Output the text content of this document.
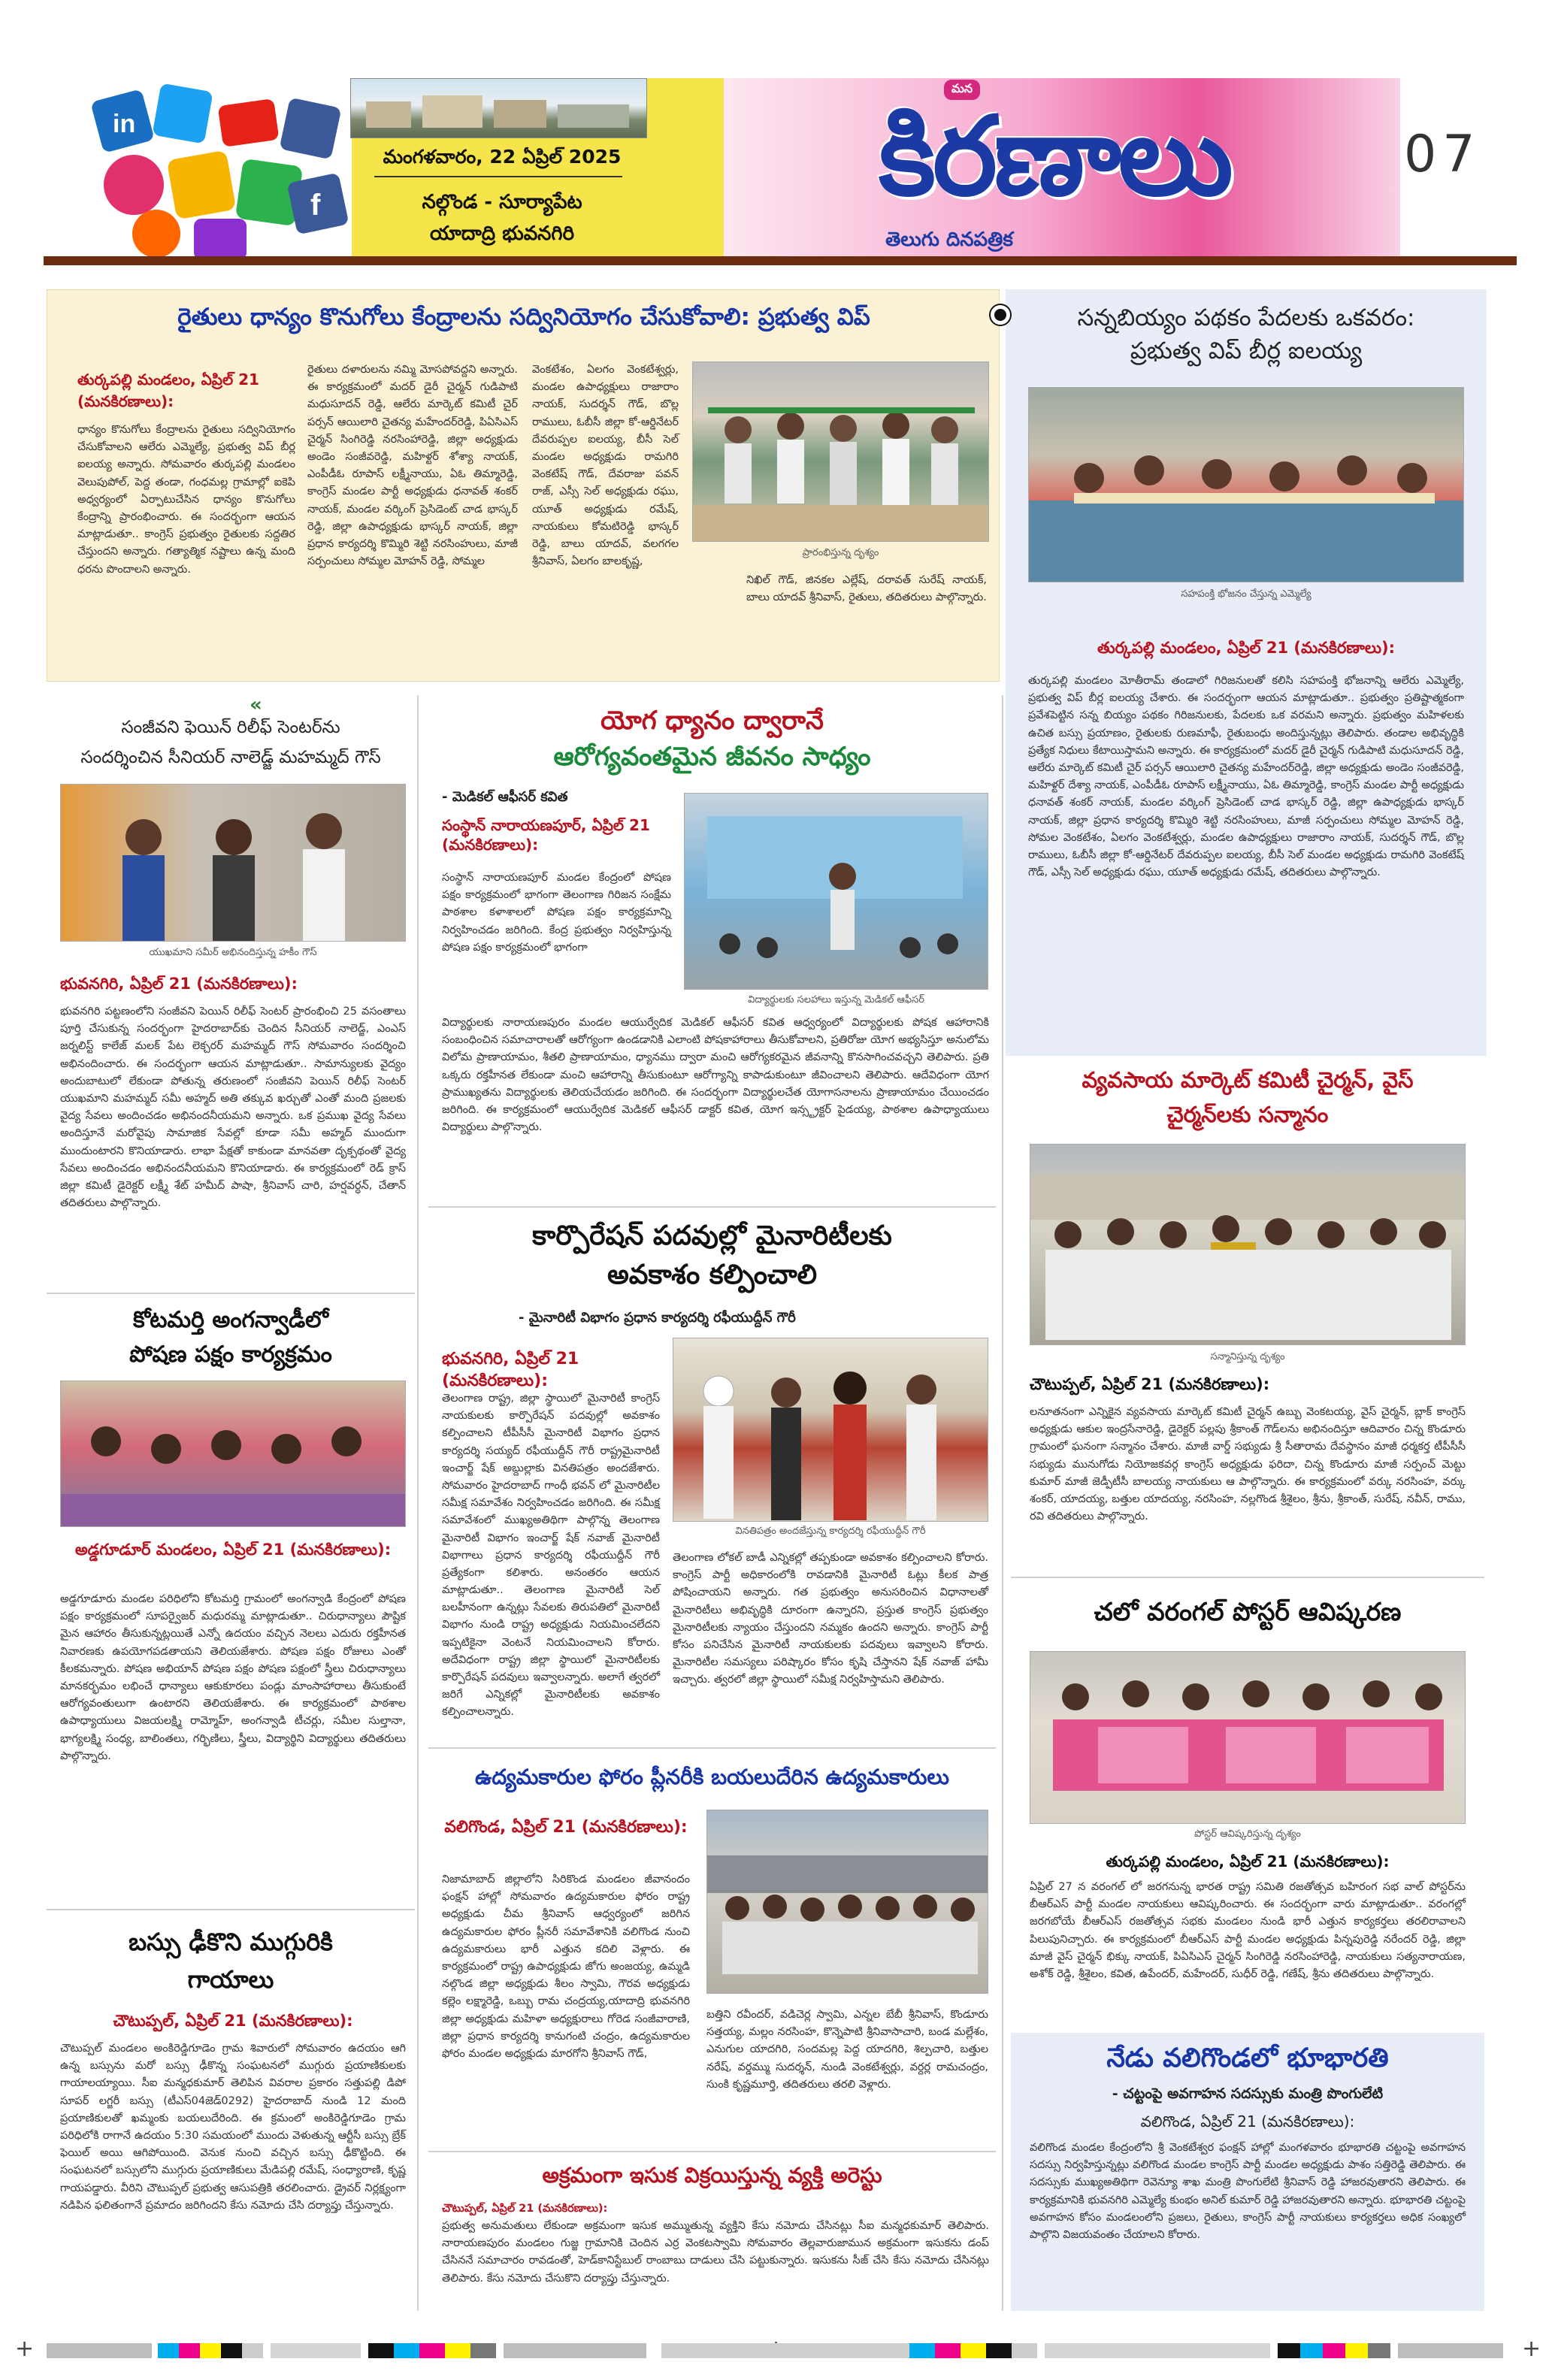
in
f
మంగళవారం, 22 ఏప్రిల్ 2025
నల్గొండ - సూర్యాపేట
యాదాద్రి భువనగిరి
మన
కిరణాలు
తెలుగు దినపత్రిక
07
రైతులు ధాన్యం కొనుగోలు కేంద్రాలను సద్వినియోగం చేసుకోవాలి: ప్రభుత్వ విప్
తుర్కపల్లి మండలం, ఏప్రిల్ 21 (మనకిరణాలు):
ధాన్యం కొనుగోలు కేంద్రాలను రైతులు సద్వినియోగం చేసుకోవాలని ఆలేరు ఎమ్మెల్యే, ప్రభుత్వ విప్ బీర్ల ఐలయ్య అన్నారు. సోమవారం తుర్కపల్లి మండలం వెలుపుపోల్, పెద్ద తండా, గంధమల్ల గ్రామాల్లో ఐకెపి అధ్వర్యంలో ఏర్పాటుచేసిన ధాన్యం కొనుగోలు కేంద్రాన్ని ప్రారంభించారు. ఈ సందర్భంగా ఆయన మాట్లాడుతూ.. కాంగ్రెస్ ప్రభుత్వం రైతులకు సద్దతిర చేస్తుందని అన్నారు. గత్యాత్మిక నష్టాలు ఉన్న మంది ధరను పొందాలని అన్నారు.
రైతులు దళారులను నమ్మి మోసపోవద్దని అన్నారు. ఈ కార్యక్రమంలో మదర్ డైరీ చైర్మన్ గుడిపాటి మధుసూదన్ రెడ్డి, ఆలేరు మార్కెట్ కమిటీ చైర్ పర్సన్ ఆయిలారి చైతన్య మహేందర్‌రెడ్డి, పిఏసిఎస్ చైర్మన్ సింగిరెడ్డి నరసింహారెడ్డి, జిల్లా అధ్యక్షుడు అండెం సంజీవరెడ్డి, మహిళ్టర్ శోశ్యా నాయక్, ఎంపీడీఓ రూపాస్ లక్ష్మీనాయు, ఏఓ తిమ్మారెడ్డి, కాంగ్రెస్ మండల పార్టీ అధ్యక్షుడు ధనావత్ శంకర్ నాయక్, మండల వర్కింగ్ ప్రెసిడెంట్ చాడ భాస్కర్ రెడ్డి, జిల్లా ఉపాధ్యక్షుడు భాస్కర్ నాయక్, జిల్లా ప్రధాన కార్యదర్శి కొమ్మిరి శెట్టి నరసింహులు, మాజీ సర్పంచులు సోమ్మల మోహన్ రెడ్డి, సోమ్మల
వెంకటేశం, ఏలగం వెంకటేశ్వర్లు, మండల ఉపాధ్యక్షులు రాజారాం నాయక్, సుదర్శన్ గౌడ్, బొల్ల రాములు, ఓబీసీ జిల్లా కో-ఆర్డినేటర్ దేవరుప్పల ఐలయ్య, బీసీ సెల్ మండల అధ్యక్షుడు రామగిరి వెంకటేష్ గౌడ్, దేవరాజు పవన్ రాజ్, ఎస్సీ సెల్ అధ్యక్షుడు రఘు, యూత్ అధ్యక్షుడు రమేష్, నాయకులు కోమటిరెడ్డి భాస్కర్ రెడ్డి, బాలు యాదవ్, వలగగల శ్రీనివాస్, ఏలగం బాలకృష్ణ,
ప్రారంభిస్తున్న దృశ్యం
నిఖిల్ గౌడ్, జినకల ఎల్లేష్, దరావత్ సురేష్ నాయక్, బాలు యాదవ్ శ్రీనివాస్, రైతులు, తదితరులు పాల్గొన్నారు.
సన్నబియ్యం పథకం పేదలకు ఒకవరం:
ప్రభుత్వ విప్ బీర్ల ఐలయ్య
సహపంక్తి భోజనం చేస్తున్న ఎమ్మెల్యే
తుర్కపల్లి మండలం, ఏప్రిల్ 21 (మనకిరణాలు):
తుర్కపల్లి మండలం మోతీరామ్ తండాలో గిరిజనులతో కలిసి సహపంక్తి భోజనాన్ని ఆలేరు ఎమ్మెల్యే, ప్రభుత్వ విప్ బీర్ల ఐలయ్య చేశారు. ఈ సందర్భంగా ఆయన మాట్లాడుతూ.. ప్రభుత్వం ప్రతిష్టాత్మకంగా ప్రవేశపెట్టిన సన్న బియ్యం పథకం గిరిజనులకు, పేదలకు ఒక వరమని అన్నారు. ప్రభుత్వం మహిళలకు ఉచిత బస్సు ప్రయాణం, రైతులకు రుణమాఫీ, రైతుబంధు అందిస్తున్నట్లు తెలిపారు. తండాల అభివృద్ధికి ప్రత్యేక నిధులు కేటాయిస్తామని అన్నారు. ఈ కార్యక్రమంలో మదర్ డైరీ చైర్మన్ గుడిపాటి మధుసూదన్ రెడ్డి, ఆలేరు మార్కెట్ కమిటీ చైర్ పర్సన్ ఆయిలారి చైతన్య మహేందర్‌రెడ్డి, జిల్లా అధ్యక్షుడు అండెం సంజీవరెడ్డి, మహిళ్టర్ దేశ్యా నాయక్, ఎంపీడీఓ రూపాస్ లక్ష్మీనాయు, ఏఓ తిమ్మారెడ్డి, కాంగ్రెస్ మండల పార్టీ అధ్యక్షుడు ధనావత్ శంకర్ నాయక్, మండల వర్కింగ్ ప్రెసిడెంట్ చాడ భాస్కర్ రెడ్డి, జిల్లా ఉపాధ్యక్షుడు భాస్కర్ నాయక్, జిల్లా ప్రధాన కార్యదర్శి కొమ్మిరి శెట్టి నరసింహులు, మాజీ సర్పంచులు సోమ్మల మోహన్ రెడ్డి, సోమల వెంకటేశం, ఏలగం వెంకటేశ్వర్లు, మండల ఉపాధ్యక్షులు రాజారాం నాయక్, సుదర్శన్ గౌడ్, బొల్ల రాములు, ఓబీసీ జిల్లా కో-ఆర్డినేటర్ దేవరుప్పల ఐలయ్య, బీసీ సెల్ మండల అధ్యక్షుడు రామగిరి వెంకటేష్ గౌడ్, ఎస్సీ సెల్ అధ్యక్షుడు రఘు, యూత్ అధ్యక్షుడు రమేష్, తదితరులు పాల్గొన్నారు.
«
సంజీవని ఫెయిన్ రిలీఫ్ సెంటర్‌ను
సందర్శించిన సీనియర్ నాలెడ్జ్ మహమ్మద్ గౌస్
యుఖమాని సమీర్ అభినందిస్తున్న హకీం గౌస్
భువనగిరి, ఏప్రిల్ 21 (మనకిరణాలు):
భువనగిరి పట్టణంలోని సంజీవని పెయిన్ రిలీఫ్ సెంటర్ ప్రారంభించి 25 వసంతాలు పూర్తి చేసుకున్న సందర్భంగా హైదరాబాద్‌కు చెందిన సీనియర్ నాలెడ్జ్, ఎంఎస్ జర్నలిస్ట్ కాలేజ్ మలక్ పేట లెక్చరర్ మహమ్మద్ గౌస్ సోమవారం సందర్శించి అభినందించారు. ఈ సందర్భంగా ఆయన మాట్లాడుతూ.. సామాన్యులకు వైద్యం అందుబాటులో లేకుండా పోతున్న తరుణంలో సంజీవని పెయిన్ రిలీఫ్ సెంటర్ యుఖమాని మహమ్మద్ సమీ అహ్మద్ అతి తక్కువ ఖర్చుతో ఎంతో మంది ప్రజలకు వైద్య సేవలు అందించడం అభినందనీయమని అన్నారు. ఒక ప్రముఖ వైద్య సేవలు అందిస్తూనే మరోవైపు సామాజిక సేవల్లో కూడా సమీ అహ్మద్ ముందుగా ముందుంటారని కొనియాడారు. లాభా పేక్షతో కాకుండా మానవతా దృక్పథంతో వైద్య సేవలు అందించడం అభినందనీయమని కొనియాడారు. ఈ కార్యక్రమంలో రెడ్ క్రాస్ జిల్లా కమిటీ డైరెక్టర్ లక్ష్మీ శేట్ హమీద్ పాషా, శ్రీనివాస్ చారి, హర్షవర్ధన్, చేతాన్ తదితరులు పాల్గొన్నారు.
కోటమర్తి అంగన్వాడీలో
పోషణ పక్షం కార్యక్రమం
అడ్డగూడూర్ మండలం, ఏప్రిల్ 21 (మనకిరణాలు):
అడ్డగూడూరు మండల పరిధిలోని కోటమర్తి గ్రామంలో అంగన్వాడి కేంద్రంలో పోషణ పక్షం కార్యక్రమంలో సూపర్వైజర్ మధురమ్మ మాట్లాడుతూ.. చిరుధాన్యాలు పౌష్టిక మైన ఆహారం తీసుకున్నట్లయితే ఎన్నో ఉదయం వచ్చిన నెలలు ఎదురు రక్తహీనత నివారణకు ఉపయోగపడతాయని తెలియజేశారు. పోషణ పక్షం రోజులు ఎంతో కీలకమన్నారు. పోషణ అభియాన్ పోషణ పక్షం పోషణ పక్షంలో స్త్రీలు చిరుధాన్యాలు మానకర్భమం లభించే ధాన్యాలు ఆకుకూరలు పండ్లు మాంసాహారాలు తీసుకుంటే ఆరోగ్యవంతులుగా ఉంటారని తెలియజేశారు. ఈ కార్యక్రమంలో పాఠశాల ఉపాధ్యాయులు విజయలక్ష్మి రామ్మోహ్, అంగన్వాడి టీచర్లు, సమీల సుల్తానా, భాగ్యలక్ష్మి సంధ్య, బాలింతలు, గర్భిణిలు, స్త్రీలు, విద్యార్థిని విద్యార్థులు తదితరులు పాల్గొన్నారు.
బస్సు ఢీకొని ముగ్గురికి
గాయాలు
చౌటుప్పల్, ఏప్రిల్ 21 (మనకిరణాలు):
చౌటుప్పల్ మండలం అంకిరెడ్డిగూడెం గ్రామ శివారులో సోమవారం ఉదయం ఆగి ఉన్న బస్సును మరో బస్సు ఢీకొన్న సంఘటనలో ముగ్గురు ప్రయాణికులకు గాయాలయ్యాయి. సీఐ మన్మధకుమార్ తెలిపిన వివరాల ప్రకారం సత్తుపల్లి డిపో సూపర్ లగ్జరీ బస్సు (టీఎస్04జెడ్0292) హైదరాబాద్ నుండి 12 మంది ప్రయాణికులతో ఖమ్మంకు బయలుదేరింది. ఈ క్రమంలో అంకిరెడ్డిగూడెం గ్రామ పరిధిలోకి రాగానే ఉదయం 5:30 సమయంలో ముందు వెళుతున్న ఆర్టీసీ బస్సు బ్రేక్ ఫెయిల్ అయి ఆగిపోయింది. వెనుక నుంచి వచ్చిన బస్సు ఢీకొట్టింది. ఈ సంఘటనలో బస్సులోని ముగ్గురు ప్రయాణికులు మేడిపల్లి రమేష్, సంధ్యారాణి, కృష్ణ గాయపడ్డారు. వీరిని చౌటుప్పల్ ప్రభుత్వ ఆసుపత్రికి తరలించారు. డ్రైవర్ నిర్లక్ష్యంగా నడిపిన ఫలితంగానే ప్రమాదం జరిగిందని కేసు నమోదు చేసి దర్యాప్తు చేస్తున్నారు.
యోగ ధ్యానం ద్వారానే
ఆరోగ్యవంతమైన జీవనం సాధ్యం
- మెడికల్ ఆఫీసర్ కవిత
సంస్థాన్ నారాయణపూర్, ఏప్రిల్ 21 (మనకిరణాలు):
సంస్థాన్ నారాయణపూర్ మండల కేంద్రంలో పోషణ పక్షం కార్యక్రమంలో భాగంగా తెలంగాణ గిరిజన సంక్షేమ పాఠశాల కళాశాలలో పోషణ పక్షం కార్యక్రమాన్ని నిర్వహించడం జరిగింది. కేంద్ర ప్రభుత్వం నిర్వహిస్తున్న పోషణ పక్షం కార్యక్రమంలో భాగంగా
విద్యార్థులకు సలహాలు ఇస్తున్న మెడికల్ ఆఫీసర్
విద్యార్థులకు నారాయణపురం మండల ఆయుర్వేదిక మెడికల్ ఆఫీసర్ కవిత ఆధ్వర్యంలో విద్యార్థులకు పోషక ఆహారానికి సంబంధించిన సమాచారాలతో ఆరోగ్యంగా ఉండడానికి ఎలాంటి పోషకాహారాలు తీసుకోవాలని, ప్రతిరోజు యోగ అభ్యసిస్తూ అనులోమ విలోమ ప్రాణాయామం, శీతలి ప్రాణాయామం, ధ్యానము ద్వారా మంచి ఆరోగ్యకరమైన జీవనాన్ని కొనసాగించవచ్చని తెలిపారు. ప్రతి ఒక్కరు రక్తహీనత లేకుండా మంచి ఆహారాన్ని తీసుకుంటూ ఆరోగ్యాన్ని కాపాడుకుంటూ జీవించాలని తెలిపారు. ఆదేవిధంగా యోగ ప్రాముఖ్యతను విద్యార్థులకు తెలియచేయడం జరిగింది. ఈ సందర్భంగా విద్యార్థులచేత యోగాసనాలను ప్రాణాయామం చేయించడం జరిగింది. ఈ కార్యక్రమంలో ఆయుర్వేదిక మెడికల్ ఆఫీసర్ డాక్టర్ కవిత, యోగ ఇన్స్ట్రక్టర్ పైడయ్య, పాఠశాల ఉపాధ్యాయులు విద్యార్థులు పాల్గొన్నారు.
కార్పొరేషన్ పదవుల్లో మైనారిటీలకు
అవకాశం కల్పించాలి
- మైనారిటీ విభాగం ప్రధాన కార్యదర్శి రఫీయుద్దీన్ గౌరీ
భువనగిరి, ఏప్రిల్ 21 (మనకిరణాలు):
వినతిపత్రం అందజేస్తున్న కార్యదర్శి రఫీయుద్దీన్ గౌరీ
తెలంగాణ రాష్ట్ర, జిల్లా స్థాయిలో మైనారిటీ కాంగ్రెస్ నాయకులకు కార్పొరేషన్ పదవుల్లో అవకాశం కల్పించాలని టీపీసీసీ మైనారిటీ విభాగం ప్రధాన కార్యదర్శి సయ్యద్ రఫీయుద్దీన్ గౌరీ రాష్ట్రమైనారిటీ ఇంచార్జ్ షేక్ అబ్దుల్లాకు వినతిపత్రం అందజేశారు. సోమవారం హైదరాబాద్ గాంధీ భవన్ లో మైనారిటీల సమీక్ష సమావేశం నిర్వహించడం జరిగింది. ఈ సమీక్ష సమావేశంలో ముఖ్యఅతిథిగా పాల్గొన్న తెలంగాణ మైనారిటీ విభాగం ఇంచార్జ్ షేక్ నవాజ్ మైనారిటీ విభాగాలు ప్రధాన కార్యదర్శి రఫీయుద్దీన్ గౌరీ ప్రత్యేకంగా కలిశారు. అనంతరం ఆయన మాట్లాడుతూ.. తెలంగాణ మైనారిటీ సెల్ బలహీనంగా ఉన్నట్లు సేవలకు తిరుపతిలో మైనారిటీ విభాగం నుండి రాష్ట్ర అధ్యక్షుడు నియమించలేదని ఇప్పటికైనా వెంటనే నియమించాలని కోరారు. అదేవిధంగా రాష్ట్ర జిల్లా స్థాయిలో మైనారిటీలకు కార్పొరేషన్ పదవులు ఇవ్వాలన్నారు. అలాగే త్వరలో జరిగే ఎన్నికల్లో మైనారిటీలకు అవకాశం కల్పించాలన్నారు.
తెలంగాణ లోకల్ బాడీ ఎన్నికల్లో తప్పకుండా అవకాశం కల్పించాలని కోరారు. కాంగ్రెస్ పార్టీ అధికారంలోకి రావడానికి మైనారిటీ ఓట్లు కీలక పాత్ర పోషించాయని అన్నారు. గత ప్రభుత్వం అనుసరించిన విధానాలతో మైనారిటీలు అభివృద్ధికి దూరంగా ఉన్నారని, ప్రస్తుత కాంగ్రెస్ ప్రభుత్వం మైనారిటీలకు న్యాయం చేస్తుందని నమ్మకం ఉందని అన్నారు. కాంగ్రెస్ పార్టీ కోసం పనిచేసిన మైనారిటీ నాయకులకు పదవులు ఇవ్వాలని కోరారు. మైనారిటీల సమస్యలు పరిష్కారం కోసం కృషి చేస్తానని షేక్ నవాజ్ హామీ ఇచ్చారు. త్వరలో జిల్లా స్థాయిలో సమీక్ష నిర్వహిస్తామని తెలిపారు.
ఉద్యమకారుల ఫోరం ప్లీనరీకి బయలుదేరిన ఉద్యమకారులు
వలిగొండ, ఏప్రిల్ 21 (మనకిరణాలు):
నిజామాబాద్ జిల్లాలోని సిరికొండ మండలం జీవానందం ఫంక్షన్ హాల్లో సోమవారం ఉద్యమకారుల ఫోరం రాష్ట్ర అధ్యక్షుడు చీమ శ్రీనివాస్ ఆధ్వర్యంలో జరిగిన ఉద్యమకారుల ఫోరం ప్లీనరీ సమావేశానికి వలిగొండ నుంచి ఉద్యమకారులు భారీ ఎత్తున కదిలి వెళ్లారు. ఈ కార్యక్రమంలో రాష్ట్ర ఉపాధ్యక్షుడు జోగు అంజయ్య, ఉమ్మడి నల్గొండ జిల్లా అధ్యక్షుడు శీలం స్వామి, గౌరవ అధ్యక్షుడు కల్లెం లక్ష్మారెడ్డి, ఒబ్బు రామ చంద్రయ్య,యాదాద్రి భువనగిరి జిల్లా అధ్యక్షుడు మహిళా అధ్యక్షురాలు గోరెడ సంజీవారాణి, జిల్లా ప్రధాన కార్యదర్శి కానుగంటి చంద్రం, ఉద్యమకారుల ఫోరం మండల అధ్యక్షుడు మారగోని శ్రీనివాస్ గౌడ్,
బత్తిని రవీందర్, వడిచెర్ల స్వామి, ఎన్నల బేబీ శ్రీనివాస్, కొండూరు సత్తయ్య, మల్లం నరసింహ, కొన్నెపాటి శ్రీనివాసాచారి, బండ మల్లేశం, ఎనుగుల యాదగిరి, సందమల్ల పెద్ద యాదగిరి, శిల్పచారి, బత్తుల నరేష్, వర్డమ్ము సుదర్శన్, నుండి వెంకటేశ్వర్లు, వర్దర్ల రామచంద్రం, సుంకి కృష్ణమూర్తి, తదితరులు తరలి వెళ్లారు.
అక్రమంగా ఇసుక విక్రయిస్తున్న వ్యక్తి అరెస్టు
చౌటుప్పల్, ఏప్రిల్ 21 (మనకిరణాలు):
ప్రభుత్వ అనుమతులు లేకుండా అక్రమంగా ఇసుక అమ్ముతున్న వ్యక్తిని కేసు నమోదు చేసినట్లు సీఐ మన్మధకుమార్ తెలిపారు. నారాయణపురం మండలం గుజ్జ గ్రామానికి చెందిన ఎర్ర వెంకటస్వామి సోమవారం తెల్లవారుజామున అక్రమంగా ఇసుకను డంప్ చేసిననే సమాచారం రావడంతో, హెడ్‌కానిస్టేబుల్ రాంబాబు దాడులు చేసి పట్టుకున్నారు. ఇసుకను సీజ్ చేసి కేసు నమోదు చేసినట్లు తెలిపారు. కేసు నమోదు చేసుకొని దర్యాప్తు చేస్తున్నారు.
వ్యవసాయ మార్కెట్ కమిటీ చైర్మన్, వైస్
చైర్మన్‌లకు సన్మానం
సన్మానిస్తున్న దృశ్యం
చౌటుప్పల్, ఏప్రిల్ 21 (మనకిరణాలు):
లనూతనంగా ఎన్నికైన వ్యవసాయ మార్కెట్ కమిటీ చైర్మన్ ఉబ్బు వెంకటయ్య, వైస్ చైర్మన్, బ్లాక్ కాంగ్రెస్ అధ్యక్షుడు ఆకుల ఇంద్రసేనారెడ్డి, డైరెక్టర్ పల్లపు శ్రీకాంత్ గౌడ్‌లను అభినందిస్తూ ఆదివారం చిన్న కొండూరు గ్రామంలో ఘనంగా సన్మానం చేశారు. మాజీ వార్డ్ సభ్యుడు శ్రీ సీతారామ దేవస్థానం మాజీ ధర్మకర్త టీపీసీసీ సభ్యుడు మునుగోడు నియోజకవర్గ కాంగ్రెస్ అధ్యక్షుడు ఫరిదా, చిన్న కొండూరు మాజీ సర్పంచ్ మెట్టు కుమార్ మాజీ జెడ్పీటీసీ బాలయ్య నాయకులు ఆ పాల్గొన్నారు. ఈ కార్యక్రమంలో వర్కు నరసింహ, వర్కు శంకర్, యాదయ్య, బత్తుల యాదయ్య, నరసింహ, నల్లగొండ శ్రీశైలం, శ్రీను, శ్రీకాంత్, సురేష్, నవీన్, రాము, రవి తదితరులు పాల్గొన్నారు.
చలో వరంగల్ పోస్టర్ ఆవిష్కరణ
పోస్టర్ ఆవిష్కరిస్తున్న దృశ్యం
తుర్కపల్లి మండలం, ఏప్రిల్ 21 (మనకిరణాలు):
ఏప్రిల్ 27 న వరంగల్ లో జరగనున్న భారత రాష్ట్ర సమితి రజతోత్సవ బహిరంగ సభ వాల్ పోస్టర్‌ను బీఆర్ఎస్ పార్టీ మండల నాయకులు ఆవిష్కరించారు. ఈ సందర్భంగా వారు మాట్లాడుతూ.. వరంగల్లో జరగబోయే బీఆర్ఎస్ రజతోత్సవ సభకు మండలం నుండి భారీ ఎత్తున కార్యకర్తలు తరలిరావాలని పిలుపునిచ్చారు. ఈ కార్యక్రమంలో బీఆర్ఎస్ పార్టీ మండల అధ్యక్షుడు పిన్నపురెడ్డి నరేందర్ రెడ్డి, జిల్లా మాజీ వైస్ చైర్మన్ భిక్కు నాయక్, పిఏసిఎస్ చైర్మన్ సింగిరెడ్డి నరసింహారెడ్డి, నాయకులు సత్యనారాయణ, అశోక్ రెడ్డి, శ్రీశైలం, కవిత, ఉపేందర్, మహేందర్, సుధీర్ రెడ్డి, గణేష్, శ్రీను తదితరులు పాల్గొన్నారు.
నేడు వలిగొండలో భూభారతి
- చట్టంపై అవగాహన సదస్సుకు మంత్రి పొంగులేటి
వలిగొండ, ఏప్రిల్ 21 (మనకిరణాలు):
వలిగొండ మండల కేంద్రంలోని శ్రీ వెంకటేశ్వర ఫంక్షన్ హాల్లో మంగళవారం భూభారతి చట్టంపై అవగాహన సదస్సు నిర్వహిస్తున్నట్లు వలిగొండ మండల కాంగ్రెస్ పార్టీ మండల అధ్యక్షుడు పాశం సత్తిరెడ్డి తెలిపారు. ఈ సదస్సుకు ముఖ్యఅతిథిగా రెవెన్యూ శాఖ మంత్రి పొంగులేటి శ్రీనివాస్ రెడ్డి హాజరవుతారని తెలిపారు. ఈ కార్యక్రమానికి భువనగిరి ఎమ్మెల్యే కుంభం అనిల్ కుమార్ రెడ్డి హాజరవుతారని అన్నారు. భూభారతి చట్టంపై అవగాహన కోసం మండలంలోని ప్రజలు, రైతులు, కాంగ్రెస్ పార్టీ నాయకులు కార్యకర్తలు అధిక సంఖ్యలో పాల్గొని విజయవంతం చేయాలని కోరారు.
+	+
